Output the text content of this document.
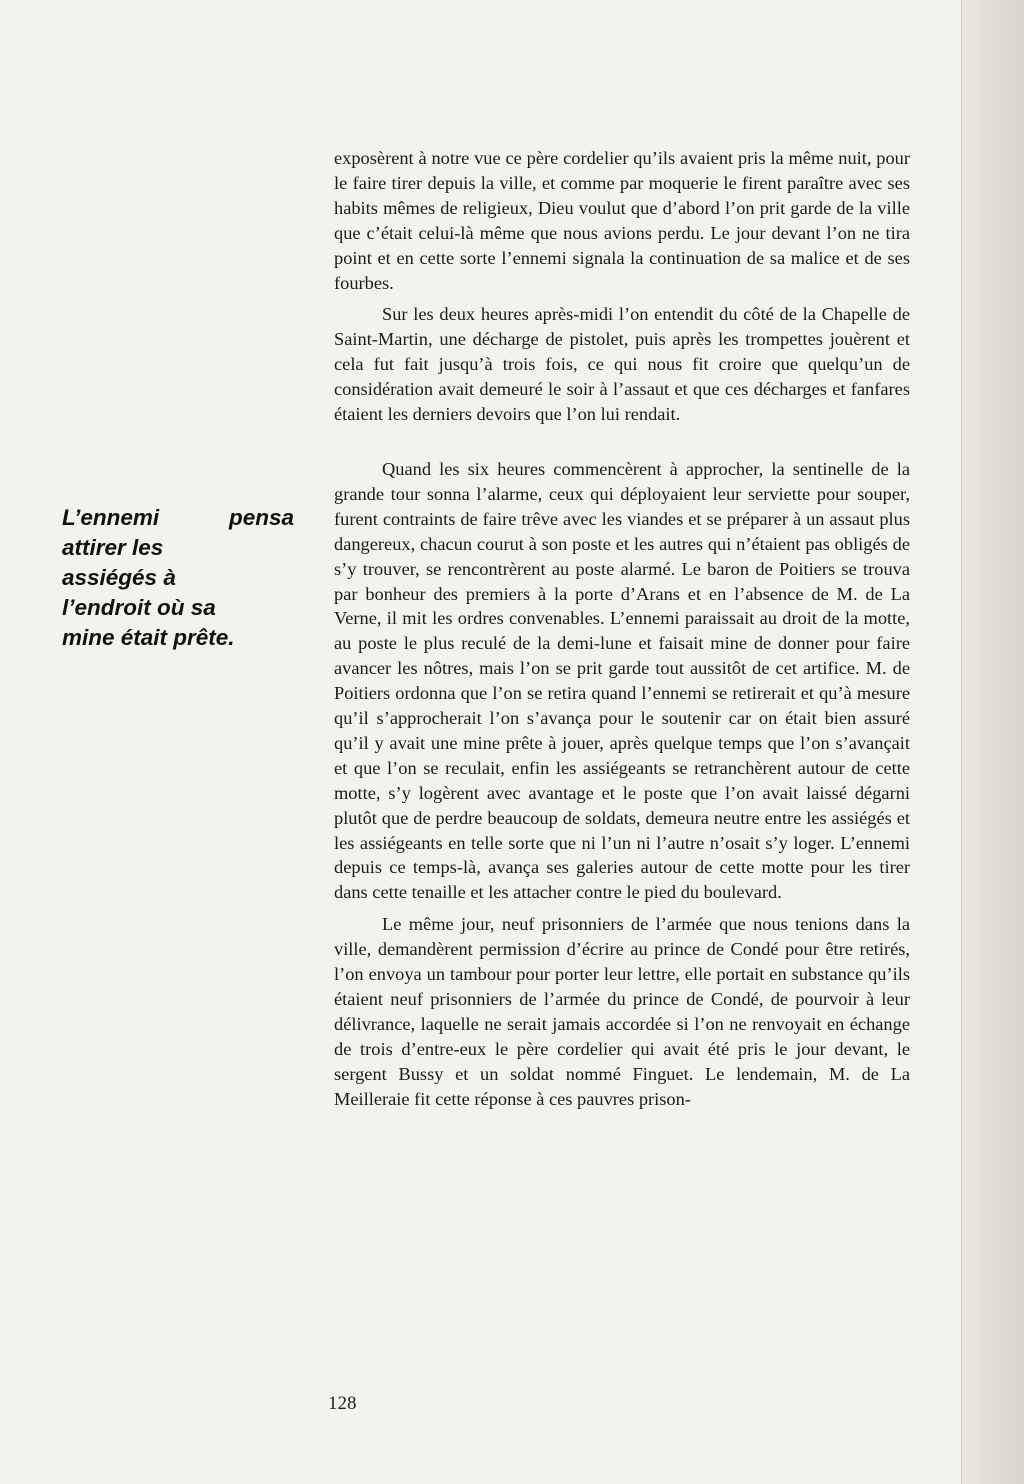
L’ennemi pensa
attirer les
assiégés à
l’endroit où sa
mine était prête.

exposèrent à notre vue ce père cordelier qu’ils avaient pris la même nuit, pour le faire tirer depuis la ville, et comme par moquerie le firent paraître avec ses habits mêmes de religieux, Dieu voulut que d’abord l’on prit garde de la ville que c’était celui-là même que nous avions perdu. Le jour devant l’on ne tira point et en cette sorte l’ennemi signala la continuation de sa malice et de ses fourbes.

Sur les deux heures après-midi l’on entendit du côté de la Chapelle de Saint-Martin, une décharge de pistolet, puis après les trompettes jouèrent et cela fut fait jusqu’à trois fois, ce qui nous fit croire que quelqu’un de considération avait demeuré le soir à l’assaut et que ces décharges et fanfares étaient les derniers devoirs que l’on lui rendait.

Quand les six heures commencèrent à approcher, la sentinelle de la grande tour sonna l’alarme, ceux qui déployaient leur serviette pour souper, furent contraints de faire trêve avec les viandes et se préparer à un assaut plus dangereux, chacun courut à son poste et les autres qui n’étaient pas obligés de s’y trouver, se rencontrèrent au poste alarmé. Le baron de Poitiers se trouva par bonheur des premiers à la porte d’Arans et en l’absence de M. de La Verne, il mit les ordres convenables. L’ennemi paraissait au droit de la motte, au poste le plus reculé de la demi-lune et faisait mine de donner pour faire avancer les nôtres, mais l’on se prit garde tout aussitôt de cet artifice. M. de Poitiers ordonna que l’on se retira quand l’ennemi se retirerait et qu’à mesure qu’il s’approcherait l’on s’avança pour le soutenir car on était bien assuré qu’il y avait une mine prête à jouer, après quelque temps que l’on s’avançait et que l’on se reculait, enfin les assiégeants se retranchèrent autour de cette motte, s’y logèrent avec avantage et le poste que l’on avait laissé dégarni plutôt que de perdre beaucoup de soldats, demeura neutre entre les assiégés et les assiégeants en telle sorte que ni l’un ni l’autre n’osait s’y loger. L’ennemi depuis ce temps-là, avança ses galeries autour de cette motte pour les tirer dans cette tenaille et les attacher contre le pied du boulevard.

Le même jour, neuf prisonniers de l’armée que nous tenions dans la ville, demandèrent permission d’écrire au prince de Condé pour être retirés, l’on envoya un tambour pour porter leur lettre, elle portait en substance qu’ils étaient neuf prisonniers de l’armée du prince de Condé, de pourvoir à leur délivrance, laquelle ne serait jamais accordée si l’on ne renvoyait en échange de trois d’entre-eux le père cordelier qui avait été pris le jour devant, le sergent Bussy et un soldat nommé Finguet. Le lendemain, M. de La Meilleraie fit cette réponse à ces pauvres prison-

128
